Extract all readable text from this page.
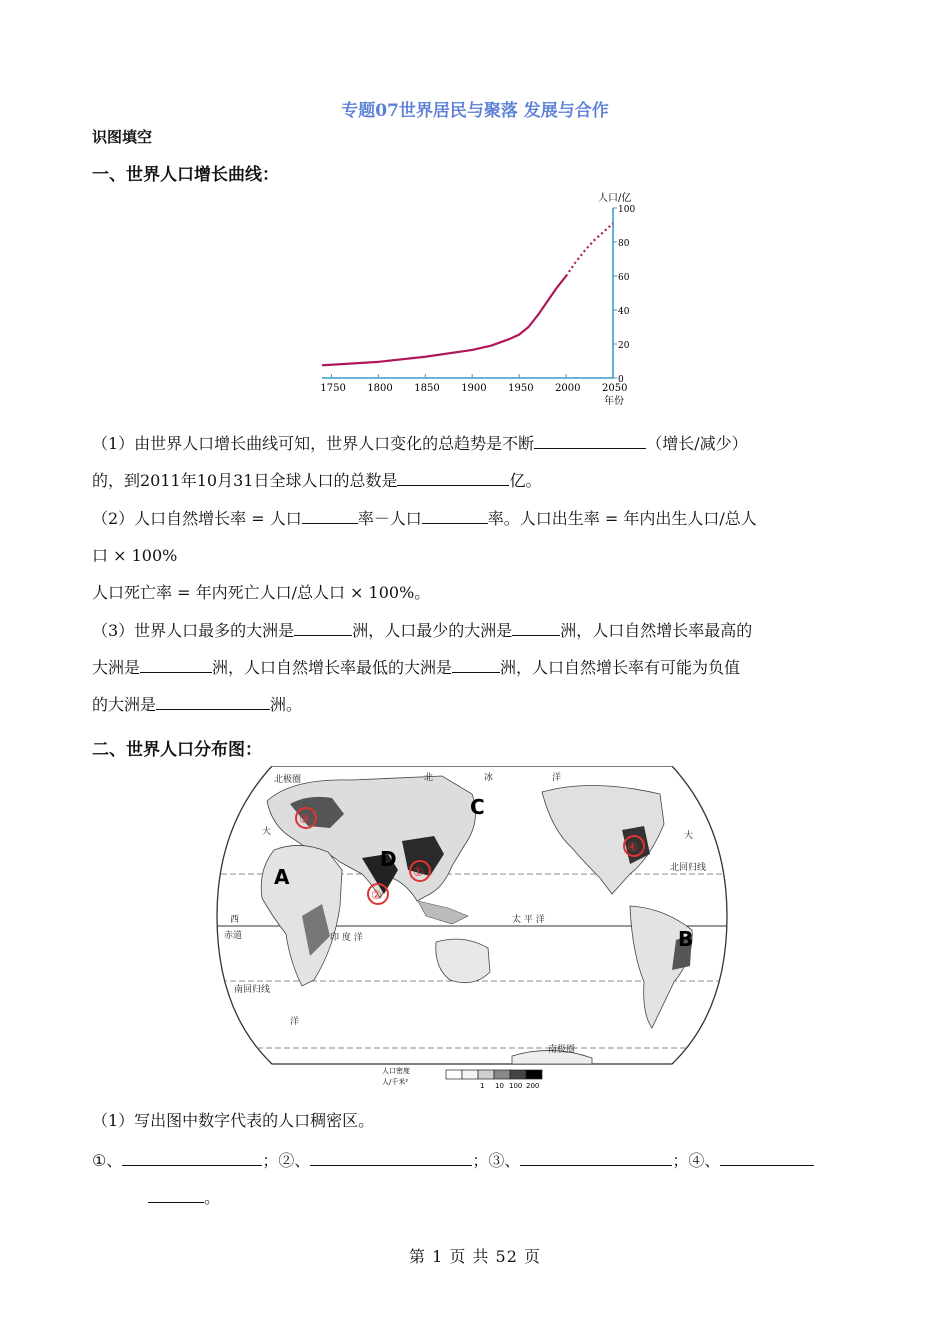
专题07世界居民与聚落 发展与合作
识图填空
一、世界人口增长曲线：
人口/亿
年份
1750 1800 1850 1900 1950 2000 2050
0
20
40
60
80
100
（1）由世界人口增长曲线可知，世界人口变化的总趋势是不断	（增长/减少）
的，到2011年10月31日全球人口的总数是	亿。
（2）人口自然增长率 = 人口	率－人口	率。人口出生率 = 年内出生人口/总人
口 × 100%
人口死亡率 = 年内死亡人口/总人口 × 100%。
（3）世界人口最多的大洲是	洲，人口最少的大洲是	洲，人口自然增长率最高的
大洲是	洲，人口自然增长率最低的大洲是	洲，人口自然增长率有可能为负值
的大洲是	洲。
二、世界人口分布图：
A
B
C
D
①
②
③
④
北极圈	北	冰	洋
大	大
北回归线
西
赤道	印 度 洋
太 平 洋
南回归线
洋
南极圈
人口密度
人/千米²	1 10 100 200
（1）写出图中数字代表的人口稠密区。
①、	；②、	；③、	；④、
。
第 1 页 共 52 页
